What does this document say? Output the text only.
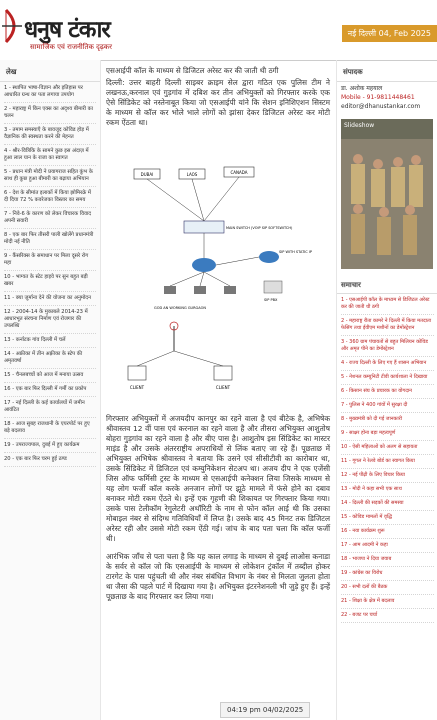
धनुष टंकार
सामाजिक एवं राजनीतिक दृढ़कर
नई दिल्ली 04, Feb 2025
लेख
1 - स्थापित भाषा-विज्ञान और इतिहास पर आधारित ग्रन्थ का पता लगाया उपयोग
2 - महाराष्ट्र में किन एक्स का अदृश्य बीमारी का चलन
3 - तमाम समस्याएँ के बावजूद कोविड होड़ में वैज्ञानिक की स्वस्थता करने की मेहनत
4 - श्रीर-वित्रिकि के सामने कुछ इस अंदाज़ में हुआ लाल यान के राजा का स्वागत
5 - प्रधान मंत्री मोदी ने प्रयागराज सहित कुंभ के साथ ही कुछ हुआ बीमारी का बढ़ाया अभियान
6 - देश के सीमांत इलाकों में किया झोमिरक्रे में दी दिया 72 % कवरेजका विस्तार का समय
7 - निवे-6 के कारण को लेकर विचारक विवाद अपनी सवारी
8 - एक बार फिर तीसरी पाली खोलेंगे प्रधानमंत्री मोदी नई नीति
9 - कैंसरिक्स के समाधान पर मिला दूसरे रोग महा
10 - भाग्यत के स्टेट हाइवे पर सुन बहुत बड़ी खबर
11 - क्या जुर्माना देने की योजना का अनुमोदन
12 - 2004-14 के मुकाबले 2014-23 में आधारभूत संरचना निर्माण एवं रोजगार की उपलब्धि
13 - कर्नाटक गांव दिल्ली में चलें
14 - अफ्रीका में तीन अफ़्रीका के स्टेप की अमृतवर्षा
15 - चैनलबच्चों को आज में मनाया उत्सव
16 - एक बार फिर दिल्ली में गर्मी का प्रकोप
17 - नई दिल्ली के कई कार्यालयों में जमीन आवंटित
18 - आज सुबह राजधानी के एयरपोर्ट पर हुए बड़े बदलाव
19 - उपराज्यपाल, दुबई में हुए कार्यक्रम
20 - एक बार फिर चरम हुई ठण्ड
एसआईपी कॉल के माध्यम से डिजिटल अरेस्ट कर की जाती थी ठगी
दिल्ली: उत्तर बाहरी दिल्ली साइबर क्राइम सेल द्वारा गठित एक पुलिस टीम ने लखनऊ,करनाल एवं गुड़गांव में दबिश कर तीन अभियुक्तों को गिरफ्तार करके एक ऐसे सिंडिकेट को नस्तेनाबूत किया जो एसआईपी यांने कि सेशन इनिशिएशन सिस्टम के माध्यम से कॉल कर भोले भाले लोगों को झांसा देकर डिजिटल अरेस्ट कर मोटी रकम ऐंठता था।
DUBAI	LAOS	CANADA
MAIN SWITCH (VOIP SIP SOFTSWITCH)
SIP WITH STATIC IP
SIP PBX
GOD AN WORKING GURGAON
CLIENT	CLIENT
गिरफ्तार अभियुक्तों में अजयदीप कानपुर का रहने वाला है एवं बीटेक है, अभिषेक श्रीवास्तव 12 वीं पास एवं करनाल का रहने वाला है और तीसरा अभियुक्त आशुतोष बोहरा गुड़गांव का रहने वाला है और बीए पास है। आशुतोष इस सिंडिकेट का मास्टर माइंड है और उसके अंतरराष्ट्रीय अपराधियों से लिंक बताए जा रहे हैं। पूछताछ में अभियुक्त अभिषेक श्रीवास्तव ने बताया कि उसने एवं सीसीटीवी का कारोबार था, उसके सिंडिकेट में डिजिटल एवं कम्युनिकेशन सेटअप था। अजय दीप ने एक एजेंसी जिस ऑफ फर्मिसी ट्रस्ट के माध्यम से एसआईपी कनेक्शन लिया जिसके माध्यम से यह लोग फर्जी कॉल करके अनजान लोगों पर झूठे मामले में फंसे होने का दबाव बनाकर मोटी रकम ऐंठते थे। इन्हें एक गृहणी की शिकायत पर गिरफ्तार किया गया। उसके पास टेलीकॉम रेगुलेटरी अथॉरिटी के नाम से फोन कॉल आई थी कि उसका मोबाइल नंबर से संदिग्ध गतिविधियाँ में लिप्त है। उसके बाद 45 मिनट तक डिजिटल अरेस्ट रही और उससे मोटी रकम ऐंठी गई। जांच के बाद पता चला कि कॉल फर्जी थी।
आरंभिक जाँच से पता चला है कि यह काल लगाड़ के माध्यम से दुबई लाओस कनाडा के सर्वर से कॉल जो कि एसआईपी के माध्यम से लोकेशन ट्रंकॉल में तब्दील होकर टारगेट के पास पहुंचती थी और नंबर संबंधित विभाग के नंबर से मिलता जुलता होता था जैसा की पहले पार्ट में दिखाया गया है। अभियुक्त इंटरनेशनली भी जुड़े हुए हैं। इन्हें पूछताछ के बाद गिरफ्तार कर लिया गया।
04:19 pm 04/02/2025
संपादक
डा. अशोक महयाल
Mobile - 91-9811448461
editor@dhanustankar.com
Slideshow
समाचार
1 - एसआईपी कॉल के माध्यम से डिजिटल अरेस्ट कर की जाती थी ठगी
2 - महाराष्ट्र रीता कामरे ने दिल्ली में किया मतदाता फेसिंग तथा ईवीएम मशीनों का डेमोंस्ट्रेशन
3 - 360 ग्राम पंचायतों से बहुत मिलियन कोविड और अमृत पीने का डेमोंस्ट्रेशन
4 - राज्य दिल्ली के लिए गए हैं शासन अभियान
5 - नेशनल कम्युनिटी टीवी कार्यशाला ने दिखाया
6 - किसान संघ के प्रचारक का योगदान
7 - पुलिस ने 400 गांवों में सुरक्षा दी
8 - मुख्यमंत्री को दी गई जानकारी
9 - साक्षर होना बड़ा महत्वपूर्ण
10 - ऐसी महिलाओं को अलग से सहायता
11 - गूगल ने रेलवे बोर्ड का स्वागत किया
12 - नई पीढ़ी के लिए विचार किया
13 - मोदी ने कहा सभी एक साथ
14 - दिल्ली की सड़कों की समस्या
15 - कोविड मामलों में वृद्धि
16 - नया कार्यक्रम शुरू
17 - आम आदमी ने कहा
18 - भाजपा ने दिया जवाब
19 - कांग्रेस का विरोध
20 - सभी दलों की बैठक
21 - शिक्षा के क्षेत्र में बदलाव
22 - बजट पर चर्चा
